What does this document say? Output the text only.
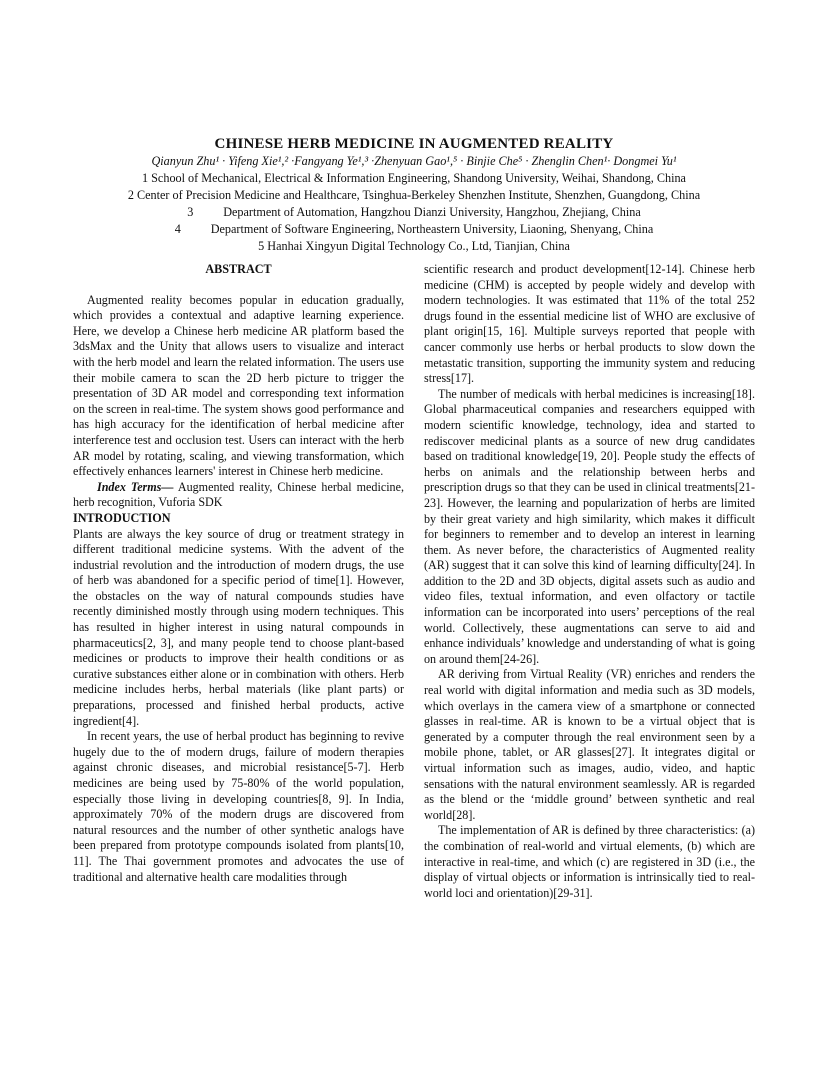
CHINESE HERB MEDICINE IN AUGMENTED REALITY

Qianyun Zhu¹ · Yifeng Xie¹,² ·Fangyang Ye¹,³ ·Zhenyuan Gao¹,⁵ · Binjie Che⁵ · Zhenglin Chen¹· Dongmei Yu¹

1 School of Mechanical, Electrical & Information Engineering, Shandong University, Weihai, Shandong, China

2 Center of Precision Medicine and Healthcare, Tsinghua-Berkeley Shenzhen Institute, Shenzhen, Guangdong, China

3 Department of Automation, Hangzhou Dianzi University, Hangzhou, Zhejiang, China

4 Department of Software Engineering, Northeastern University, Liaoning, Shenyang, China

5 Hanhai Xingyun Digital Technology Co., Ltd, Tianjian, China

ABSTRACT

Augmented reality becomes popular in education gradually, which provides a contextual and adaptive learning experience. Here, we develop a Chinese herb medicine AR platform based the 3dsMax and the Unity that allows users to visualize and interact with the herb model and learn the related information. The users use their mobile camera to scan the 2D herb picture to trigger the presentation of 3D AR model and corresponding text information on the screen in real-time. The system shows good performance and has high accuracy for the identification of herbal medicine after interference test and occlusion test. Users can interact with the herb AR model by rotating, scaling, and viewing transformation, which effectively enhances learners' interest in Chinese herb medicine.

Index Terms— Augmented reality, Chinese herbal medicine, herb recognition, Vuforia SDK

INTRODUCTION

Plants are always the key source of drug or treatment strategy in different traditional medicine systems. With the advent of the industrial revolution and the introduction of modern drugs, the use of herb was abandoned for a specific period of time[1]. However, the obstacles on the way of natural compounds studies have recently diminished mostly through using modern techniques. This has resulted in higher interest in using natural compounds in pharmaceutics[2, 3], and many people tend to choose plant-based medicines or products to improve their health conditions or as curative substances either alone or in combination with others. Herb medicine includes herbs, herbal materials (like plant parts) or preparations, processed and finished herbal products, active ingredient[4].

In recent years, the use of herbal product has beginning to revive hugely due to the of modern drugs, failure of modern therapies against chronic diseases, and microbial resistance[5-7]. Herb medicines are being used by 75-80% of the world population, especially those living in developing countries[8, 9]. In India, approximately 70% of the modern drugs are discovered from natural resources and the number of other synthetic analogs have been prepared from prototype compounds isolated from plants[10, 11]. The Thai government promotes and advocates the use of traditional and alternative health care modalities through

scientific research and product development[12-14]. Chinese herb medicine (CHM) is accepted by people widely and develop with modern technologies. It was estimated that 11% of the total 252 drugs found in the essential medicine list of WHO are exclusive of plant origin[15, 16]. Multiple surveys reported that people with cancer commonly use herbs or herbal products to slow down the metastatic transition, supporting the immunity system and reducing stress[17].

The number of medicals with herbal medicines is increasing[18]. Global pharmaceutical companies and researchers equipped with modern scientific knowledge, technology, idea and started to rediscover medicinal plants as a source of new drug candidates based on traditional knowledge[19, 20]. People study the effects of herbs on animals and the relationship between herbs and prescription drugs so that they can be used in clinical treatments[21-23]. However, the learning and popularization of herbs are limited by their great variety and high similarity, which makes it difficult for beginners to remember and to develop an interest in learning them. As never before, the characteristics of Augmented reality (AR) suggest that it can solve this kind of learning difficulty[24]. In addition to the 2D and 3D objects, digital assets such as audio and video files, textual information, and even olfactory or tactile information can be incorporated into users’ perceptions of the real world. Collectively, these augmentations can serve to aid and enhance individuals’ knowledge and understanding of what is going on around them[24-26].

AR deriving from Virtual Reality (VR) enriches and renders the real world with digital information and media such as 3D models, which overlays in the camera view of a smartphone or connected glasses in real-time. AR is known to be a virtual object that is generated by a computer through the real environment seen by a mobile phone, tablet, or AR glasses[27]. It integrates digital or virtual information such as images, audio, video, and haptic sensations with the natural environment seamlessly. AR is regarded as the blend or the ‘middle ground’ between synthetic and real world[28].

The implementation of AR is defined by three characteristics: (a) the combination of real-world and virtual elements, (b) which are interactive in real-time, and which (c) are registered in 3D (i.e., the display of virtual objects or information is intrinsically tied to real-world loci and orientation)[29-31].
